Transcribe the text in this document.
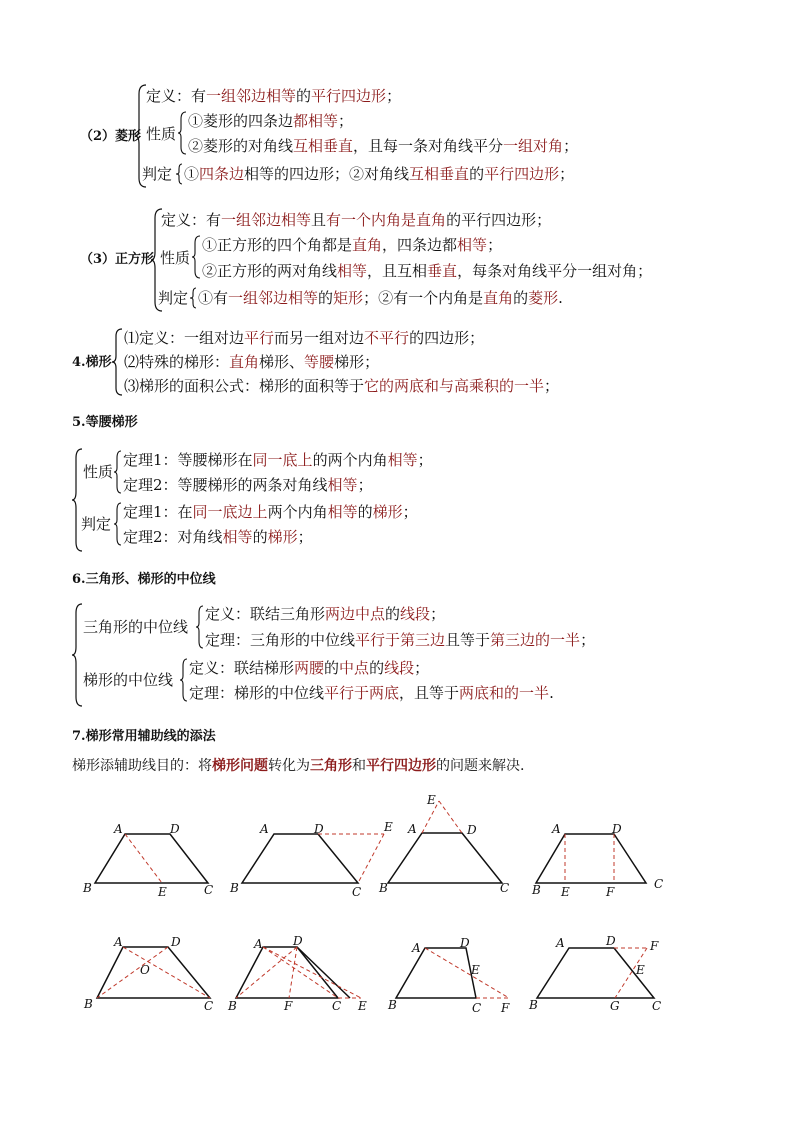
（2）菱形
定义：有一组邻边相等的平行四边形；
性质
①菱形的四条边都相等；
②菱形的对角线互相垂直，且每一条对角线平分一组对角；
判定 ①四条边相等的四边形；②对角线互相垂直的平行四边形；
（3）正方形
定义：有一组邻边相等且有一个内角是直角的平行四边形；
性质
①正方形的四个角都是直角，四条边都相等；
②正方形的两对角线相等，且互相垂直，每条对角线平分一组对角；
判定 ①有一组邻边相等的矩形；②有一个内角是直角的菱形.
4.梯形
⑴定义：一组对边平行而另一组对边不平行的四边形；
⑵特殊的梯形：直角梯形、等腰梯形；
⑶梯形的面积公式：梯形的面积等于它的两底和与高乘积的一半；
5.等腰梯形
性质
定理1：等腰梯形在同一底上的两个内角相等；
定理2：等腰梯形的两条对角线相等；
判定
定理1：在同一底边上两个内角相等的梯形；
定理2：对角线相等的梯形；
6.三角形、梯形的中位线
三角形的中位线
定义：联结三角形两边中点的线段；
定理：三角形的中位线平行于第三边且等于第三边的一半；
梯形的中位线
定义：联结梯形两腰的中点的线段；
定理：梯形的中位线平行于两底，且等于两底和的一半.
7.梯形常用辅助线的添法
梯形添辅助线目的：将梯形问题转化为三角形和平行四边形的问题来解决.
A	D
B	E	C
A	D	E
B	C
E
A	D
B	C
A	D
B E	F
C
A	D
O
B	C
A	D
B	F	C E
A	D
E
B	C F
A	D	F
E
B	G	C
